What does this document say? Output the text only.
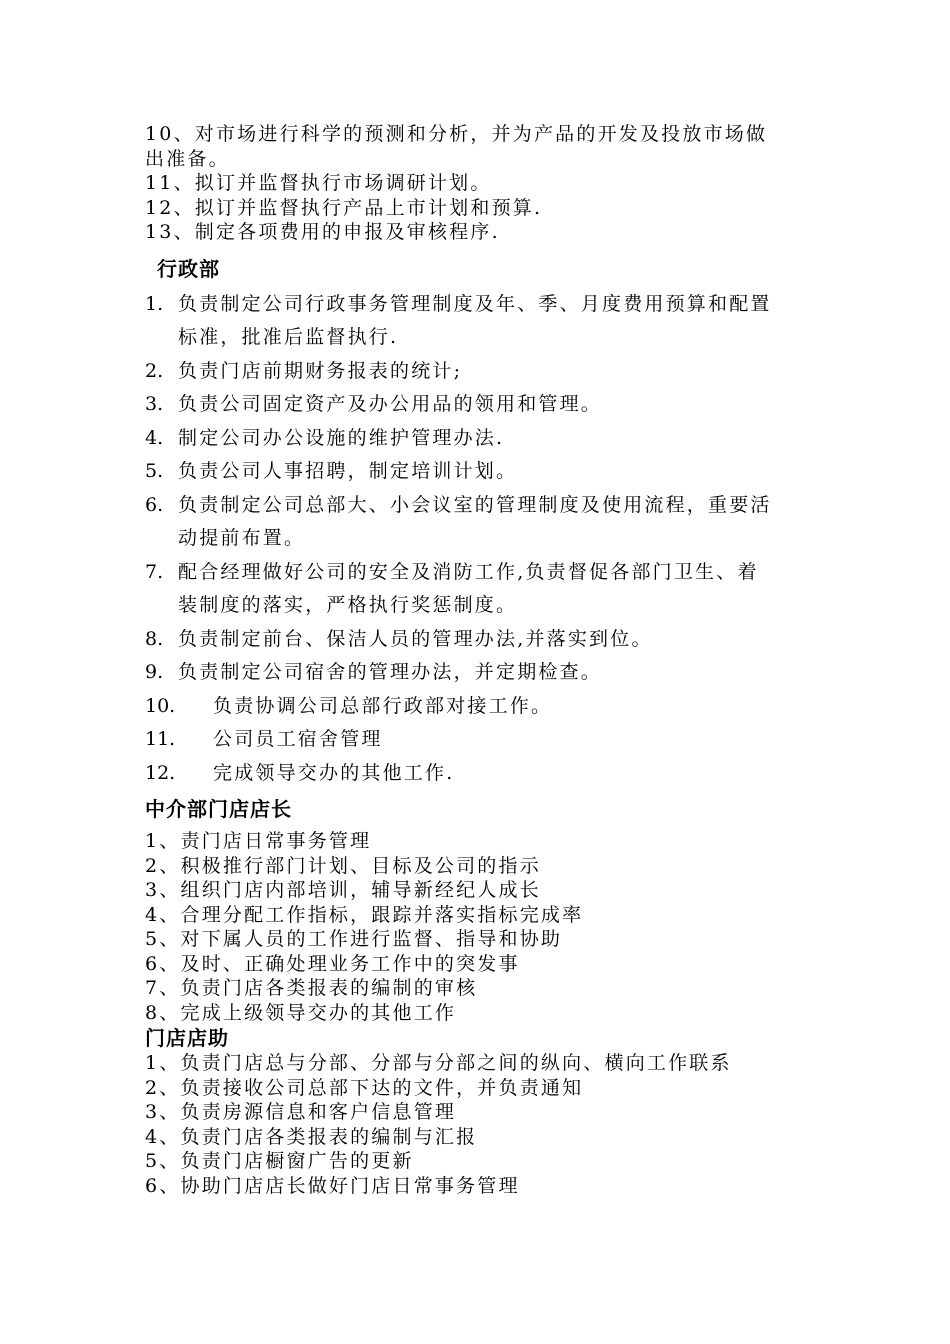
10、对市场进行科学的预测和分析，并为产品的开发及投放市场做
出准备。
11、拟订并监督执行市场调研计划。
12、拟订并监督执行产品上市计划和预算.
13、制定各项费用的申报及审核程序.
行政部
1. 负责制定公司行政事务管理制度及年、季、月度费用预算和配置
标准，批准后监督执行.
2. 负责门店前期财务报表的统计;
3. 负责公司固定资产及办公用品的领用和管理。
4. 制定公司办公设施的维护管理办法.
5. 负责公司人事招聘，制定培训计划。
6. 负责制定公司总部大、小会议室的管理制度及使用流程，重要活
动提前布置。
7. 配合经理做好公司的安全及消防工作,负责督促各部门卫生、着
装制度的落实，严格执行奖惩制度。
8. 负责制定前台、保洁人员的管理办法,并落实到位。
9. 负责制定公司宿舍的管理办法，并定期检查。
10. 负责协调公司总部行政部对接工作。
11. 公司员工宿舍管理
12. 完成领导交办的其他工作.
中介部门店店长
1、责门店日常事务管理
2、积极推行部门计划、目标及公司的指示
3、组织门店内部培训，辅导新经纪人成长
4、合理分配工作指标，跟踪并落实指标完成率
5、对下属人员的工作进行监督、指导和协助
6、及时、正确处理业务工作中的突发事
7、负责门店各类报表的编制的审核
8、完成上级领导交办的其他工作
门店店助
1、负责门店总与分部、分部与分部之间的纵向、横向工作联系
2、负责接收公司总部下达的文件，并负责通知
3、负责房源信息和客户信息管理
4、负责门店各类报表的编制与汇报
5、负责门店橱窗广告的更新
6、协助门店店长做好门店日常事务管理
